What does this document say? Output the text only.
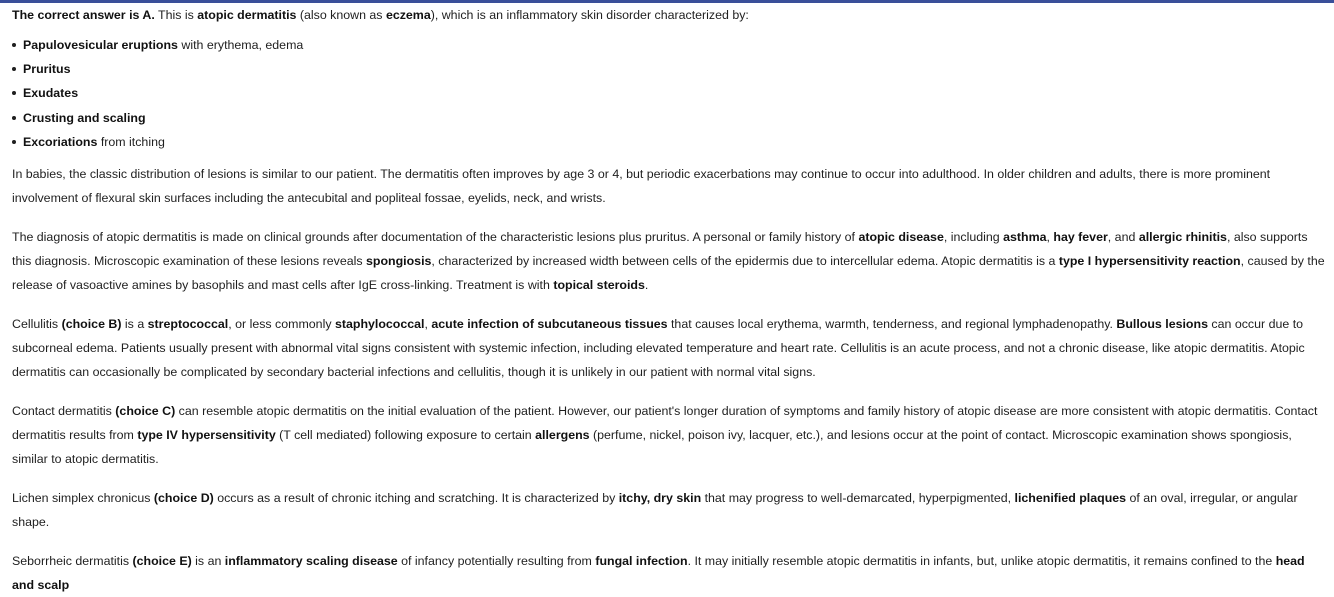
The correct answer is A. This is atopic dermatitis (also known as eczema), which is an inflammatory skin disorder characterized by:

Papulovesicular eruptions with erythema, edema
Pruritus
Exudates
Crusting and scaling
Excoriations from itching

In babies, the classic distribution of lesions is similar to our patient. The dermatitis often improves by age 3 or 4, but periodic exacerbations may continue to occur into adulthood. In older children and adults, there is more prominent involvement of flexural skin surfaces including the antecubital and popliteal fossae, eyelids, neck, and wrists.

The diagnosis of atopic dermatitis is made on clinical grounds after documentation of the characteristic lesions plus pruritus. A personal or family history of atopic disease, including asthma, hay fever, and allergic rhinitis, also supports this diagnosis. Microscopic examination of these lesions reveals spongiosis, characterized by increased width between cells of the epidermis due to intercellular edema. Atopic dermatitis is a type I hypersensitivity reaction, caused by the release of vasoactive amines by basophils and mast cells after IgE cross-linking. Treatment is with topical steroids.

Cellulitis (choice B) is a streptococcal, or less commonly staphylococcal, acute infection of subcutaneous tissues that causes local erythema, warmth, tenderness, and regional lymphadenopathy. Bullous lesions can occur due to subcorneal edema. Patients usually present with abnormal vital signs consistent with systemic infection, including elevated temperature and heart rate. Cellulitis is an acute process, and not a chronic disease, like atopic dermatitis. Atopic dermatitis can occasionally be complicated by secondary bacterial infections and cellulitis, though it is unlikely in our patient with normal vital signs.

Contact dermatitis (choice C) can resemble atopic dermatitis on the initial evaluation of the patient. However, our patient's longer duration of symptoms and family history of atopic disease are more consistent with atopic dermatitis. Contact dermatitis results from type IV hypersensitivity (T cell mediated) following exposure to certain allergens (perfume, nickel, poison ivy, lacquer, etc.), and lesions occur at the point of contact. Microscopic examination shows spongiosis, similar to atopic dermatitis.

Lichen simplex chronicus (choice D) occurs as a result of chronic itching and scratching. It is characterized by itchy, dry skin that may progress to well-demarcated, hyperpigmented, lichenified plaques of an oval, irregular, or angular shape.

Seborrheic dermatitis (choice E) is an inflammatory scaling disease of infancy potentially resulting from fungal infection. It may initially resemble atopic dermatitis in infants, but, unlike atopic dermatitis, it remains confined to the head and scalp
